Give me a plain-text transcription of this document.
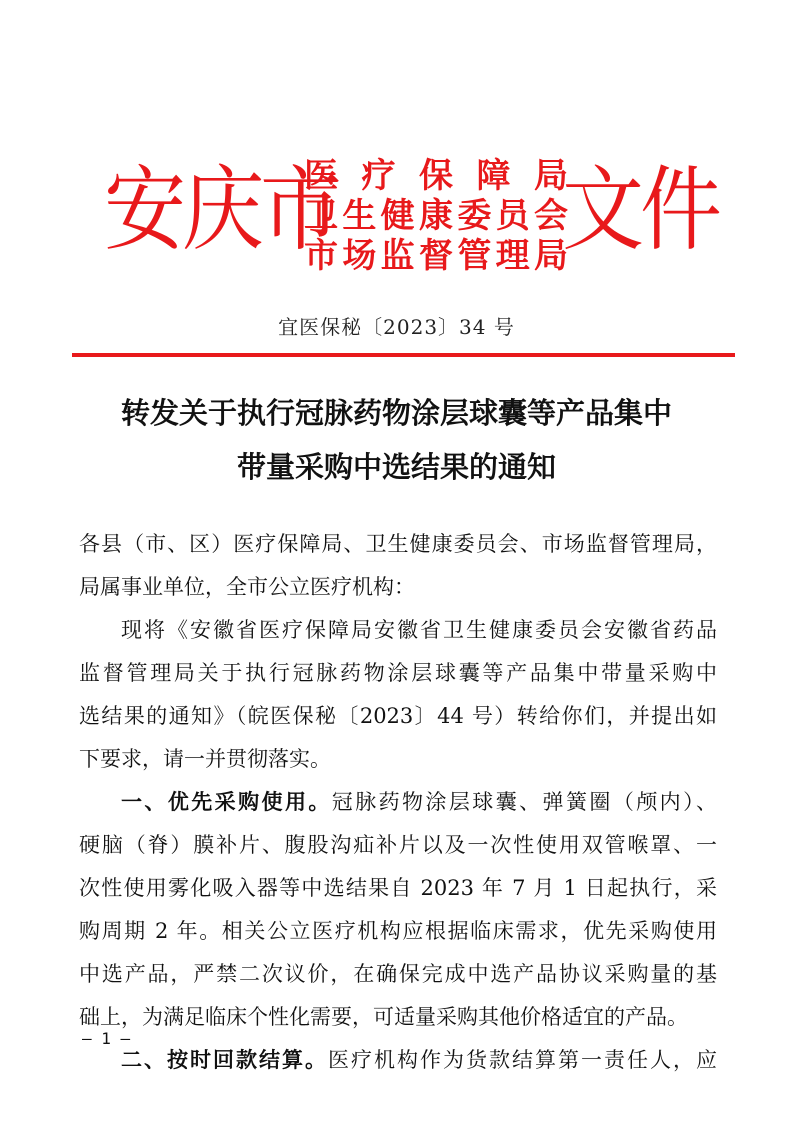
安庆市
医疗保障局
卫生健康委员会
市场监督管理局
文件
宜医保秘〔2023〕34 号
转发关于执行冠脉药物涂层球囊等产品集中
带量采购中选结果的通知
各县（市、区）医疗保障局、卫生健康委员会、市场监督管理局，
局属事业单位，全市公立医疗机构：
现将《安徽省医疗保障局安徽省卫生健康委员会安徽省药品
监督管理局关于执行冠脉药物涂层球囊等产品集中带量采购中
选结果的通知》（皖医保秘〔2023〕44 号）转给你们，并提出如
下要求，请一并贯彻落实。
一、优先采购使用。冠脉药物涂层球囊、弹簧圈（颅内）、
硬脑（脊）膜补片、腹股沟疝补片以及一次性使用双管喉罩、一
次性使用雾化吸入器等中选结果自 2023 年 7 月 1 日起执行，采
购周期 2 年。相关公立医疗机构应根据临床需求，优先采购使用
中选产品，严禁二次议价，在确保完成中选产品协议采购量的基
础上，为满足临床个性化需要，可适量采购其他价格适宜的产品。
二、按时回款结算。医疗机构作为货款结算第一责任人，应
— 1 —
